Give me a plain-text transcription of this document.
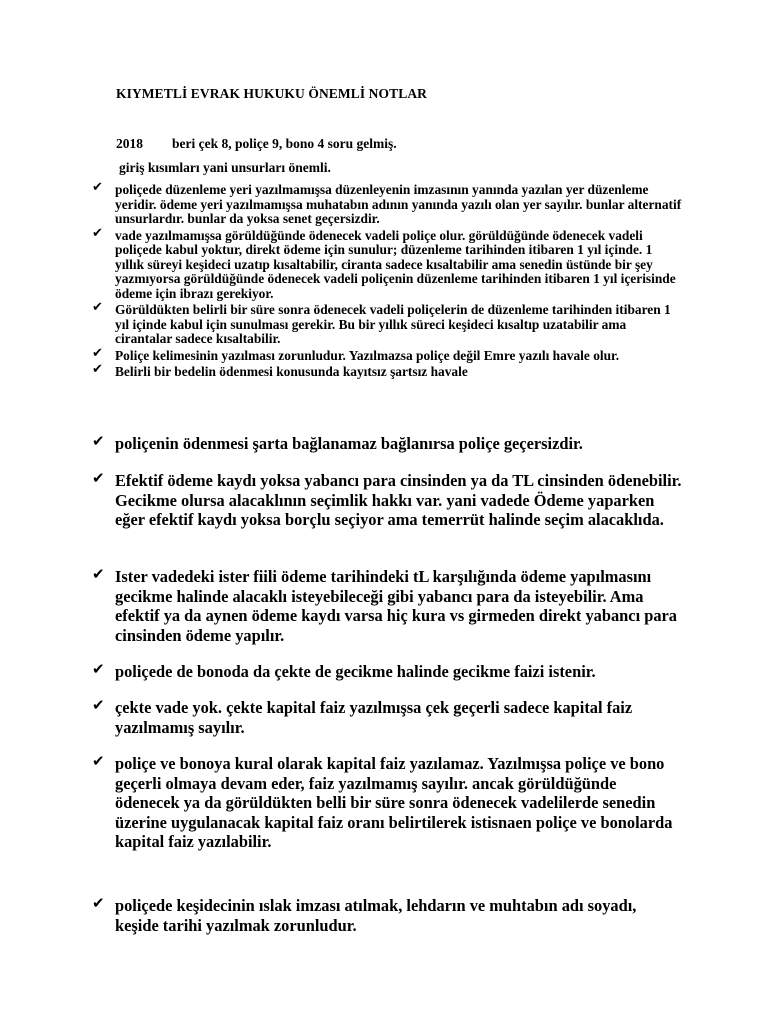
KIYMETLİ EVRAK HUKUKU ÖNEMLİ NOTLAR
2018 beri çek 8, poliçe 9, bono 4 soru gelmiş.
giriş kısımları yani unsurları önemli.
✔ poliçede düzenleme yeri yazılmamışsa düzenleyenin imzasının yanında yazılan yer düzenleme yeridir. ödeme yeri yazılmamışsa muhatabın adının yanında yazılı olan yer sayılır. bunlar alternatif unsurlardır. bunlar da yoksa senet geçersizdir.
✔ vade yazılmamışsa görüldüğünde ödenecek vadeli poliçe olur. görüldüğünde ödenecek vadeli poliçede kabul yoktur, direkt ödeme için sunulur; düzenleme tarihinden itibaren 1 yıl içinde. 1 yıllık süreyi keşideci uzatıp kısaltabilir, ciranta sadece kısaltabilir ama senedin üstünde bir şey yazmıyorsa görüldüğünde ödenecek vadeli poliçenin düzenleme tarihinden itibaren 1 yıl içerisinde ödeme için ibrazı gerekiyor.
✔ Görüldükten belirli bir süre sonra ödenecek vadeli poliçelerin de düzenleme tarihinden itibaren 1 yıl içinde kabul için sunulması gerekir. Bu bir yıllık süreci keşideci kısaltıp uzatabilir ama cirantalar sadece kısaltabilir.
✔ Poliçe kelimesinin yazılması zorunludur. Yazılmazsa poliçe değil Emre yazılı havale olur.
✔ Belirli bir bedelin ödenmesi konusunda kayıtsız şartsız havale
✔ poliçenin ödenmesi şarta bağlanamaz bağlanırsa poliçe geçersizdir.
✔ Efektif ödeme kaydı yoksa yabancı para cinsinden ya da TL cinsinden ödenebilir. Gecikme olursa alacaklının seçimlik hakkı var. yani vadede Ödeme yaparken eğer efektif kaydı yoksa borçlu seçiyor ama temerrüt halinde seçim alacaklıda.
✔ Ister vadedeki ister fiili ödeme tarihindeki tL karşılığında ödeme yapılmasını gecikme halinde alacaklı isteyebileceği gibi yabancı para da isteyebilir. Ama efektif ya da aynen ödeme kaydı varsa hiç kura vs girmeden direkt yabancı para cinsinden ödeme yapılır.
✔ poliçede de bonoda da çekte de gecikme halinde gecikme faizi istenir.
✔ çekte vade yok. çekte kapital faiz yazılmışsa çek geçerli sadece kapital faiz yazılmamış sayılır.
✔ poliçe ve bonoya kural olarak kapital faiz yazılamaz. Yazılmışsa poliçe ve bono geçerli olmaya devam eder, faiz yazılmamış sayılır. ancak görüldüğünde ödenecek ya da görüldükten belli bir süre sonra ödenecek vadelilerde senedin üzerine uygulanacak kapital faiz oranı belirtilerek istisnaen poliçe ve bonolarda kapital faiz yazılabilir.
✔ poliçede keşidecinin ıslak imzası atılmak, lehdarın ve muhtabın adı soyadı, keşide tarihi yazılmak zorunludur.
